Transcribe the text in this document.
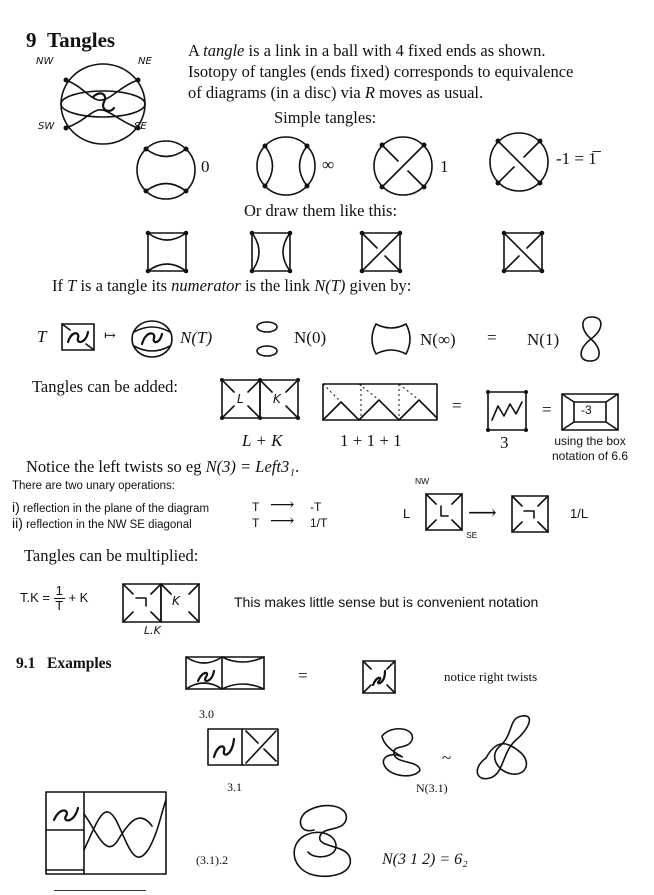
9 Tangles
NW	NE
SW	SE
A tangle is a link in a ball with 4 fixed ends as shown.
Isotopy of tangles (ends fixed) corresponds to equivalence
of diagrams (in a disc) via R moves as usual.
Simple tangles:
0	∞	1	-1 = 1̅
Or draw them like this:
If T is a tangle its numerator is the link N(T) given by:
T	↦	N(T)	N(0)	N(∞) = N(1)
Tangles can be added:
L K	=	= -3
L + K	1 + 1 + 1	3	using the box
notation of 6.6
Notice the left twists so eg N(3) = Left3₁.
There are two unary operations:
i) reflection in the plane of the diagram
ii) reflection in the NW SE diagonal
T ⟶ -T
T ⟶ 1/T
NW
L
SE
⟶	1/L
Tangles can be multiplied:
$T.K = \frac{1}{T} + K$	K
L.K
This makes little sense but is convenient notation
9.1 Examples
=	notice right twists
3.0
3.1
~
N(3.1)
(3.1).2	N(3 1 2) = 6₂
